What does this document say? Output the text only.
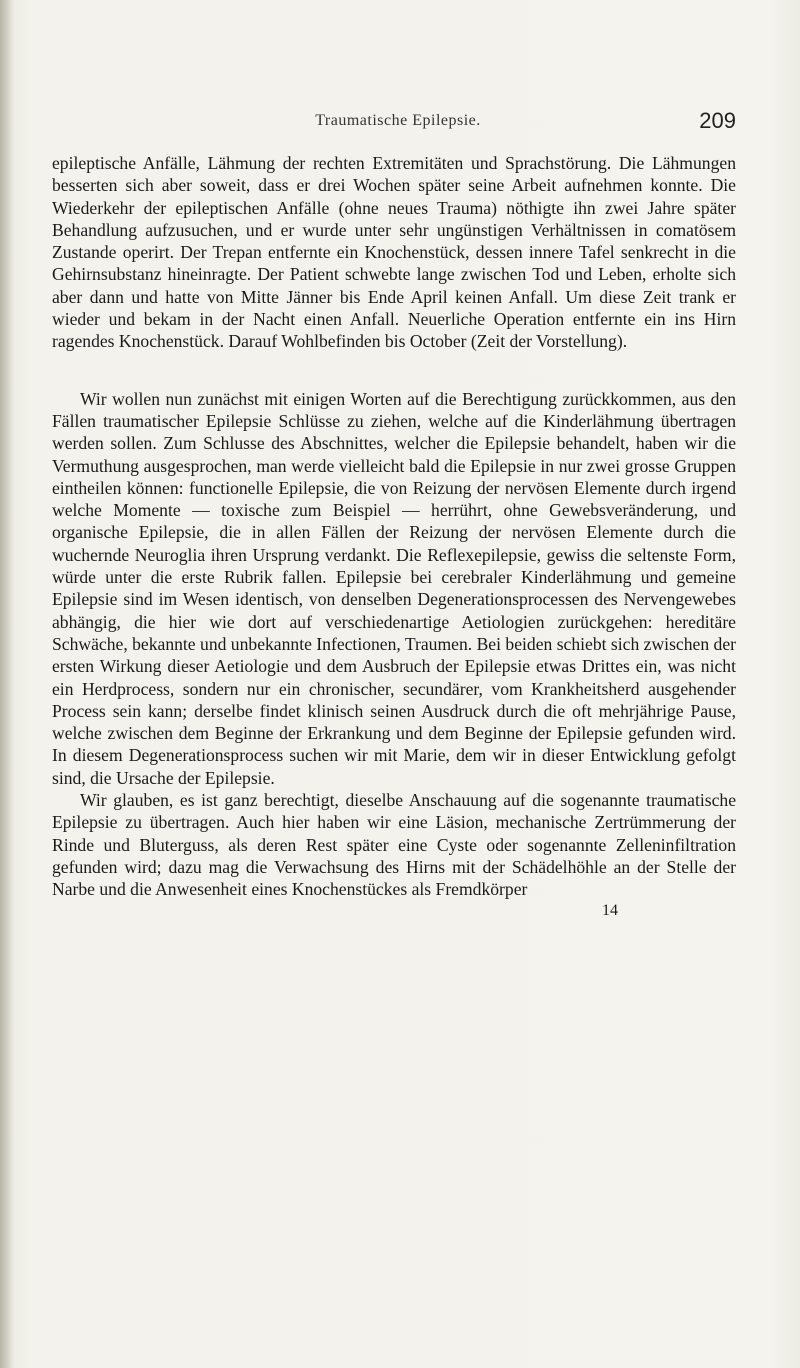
Traumatische Epilepsie.	209

epileptische Anfälle, Lähmung der rechten Extremitäten und Sprachstörung. Die Lähmungen besserten sich aber soweit, dass er drei Wochen später seine Arbeit aufnehmen konnte. Die Wiederkehr der epileptischen Anfälle (ohne neues Trauma) nöthigte ihn zwei Jahre später Behandlung aufzusuchen, und er wurde unter sehr ungünstigen Verhältnissen in comatösem Zustande operirt. Der Trepan entfernte ein Knochenstück, dessen innere Tafel senkrecht in die Gehirnsubstanz hineinragte. Der Patient schwebte lange zwischen Tod und Leben, erholte sich aber dann und hatte von Mitte Jänner bis Ende April keinen Anfall. Um diese Zeit trank er wieder und bekam in der Nacht einen Anfall. Neuerliche Operation entfernte ein ins Hirn ragendes Knochenstück. Darauf Wohlbefinden bis October (Zeit der Vorstellung).

Wir wollen nun zunächst mit einigen Worten auf die Berechtigung zurückkommen, aus den Fällen traumatischer Epilepsie Schlüsse zu ziehen, welche auf die Kinderlähmung übertragen werden sollen. Zum Schlusse des Abschnittes, welcher die Epilepsie behandelt, haben wir die Vermuthung ausgesprochen, man werde vielleicht bald die Epilepsie in nur zwei grosse Gruppen eintheilen können: functionelle Epilepsie, die von Reizung der nervösen Elemente durch irgend welche Momente — toxische zum Beispiel — herrührt, ohne Gewebsveränderung, und organische Epilepsie, die in allen Fällen der Reizung der nervösen Elemente durch die wuchernde Neuroglia ihren Ursprung verdankt. Die Reflexepilepsie, gewiss die seltenste Form, würde unter die erste Rubrik fallen. Epilepsie bei cerebraler Kinderlähmung und gemeine Epilepsie sind im Wesen identisch, von denselben Degenerationsprocessen des Nervengewebes abhängig, die hier wie dort auf verschiedenartige Aetiologien zurückgehen: hereditäre Schwäche, bekannte und unbekannte Infectionen, Traumen. Bei beiden schiebt sich zwischen der ersten Wirkung dieser Aetiologie und dem Ausbruch der Epilepsie etwas Drittes ein, was nicht ein Herdprocess, sondern nur ein chronischer, secundärer, vom Krankheitsherd ausgehender Process sein kann; derselbe findet klinisch seinen Ausdruck durch die oft mehrjährige Pause, welche zwischen dem Beginne der Erkrankung und dem Beginne der Epilepsie gefunden wird. In diesem Degenerationsprocess suchen wir mit Marie, dem wir in dieser Entwicklung gefolgt sind, die Ursache der Epilepsie.

Wir glauben, es ist ganz berechtigt, dieselbe Anschauung auf die sogenannte traumatische Epilepsie zu übertragen. Auch hier haben wir eine Läsion, mechanische Zertrümmerung der Rinde und Bluterguss, als deren Rest später eine Cyste oder sogenannte Zelleninfiltration gefunden wird; dazu mag die Verwachsung des Hirns mit der Schädelhöhle an der Stelle der Narbe und die Anwesenheit eines Knochenstückes als Fremdkörper

14
